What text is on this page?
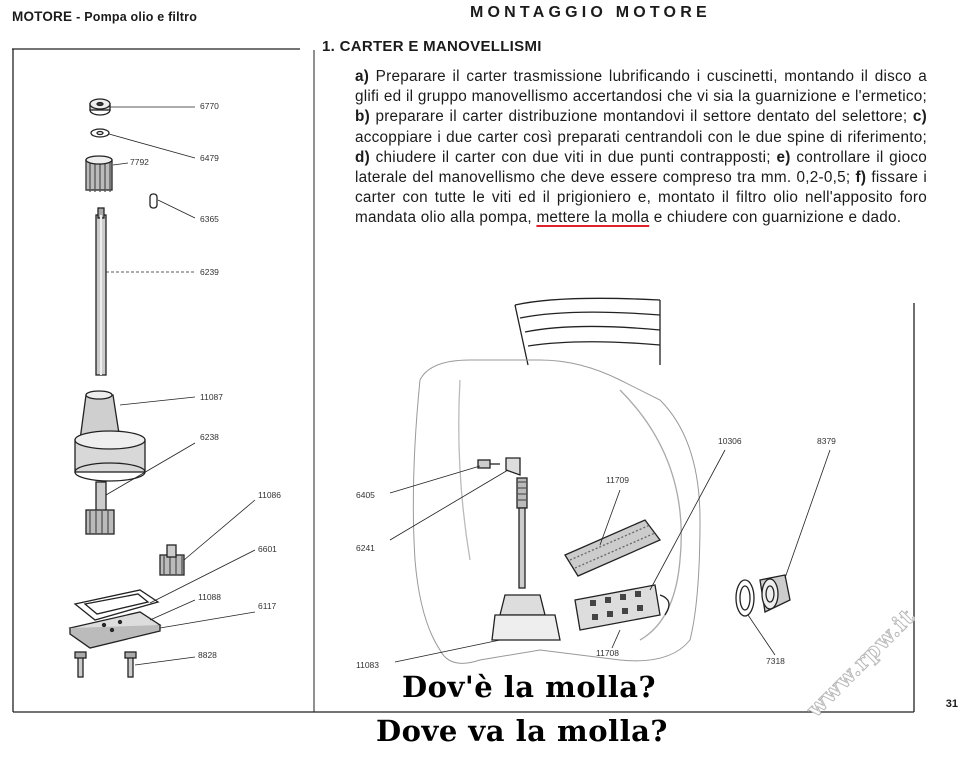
MOTORE - Pompa olio e filtro	MONTAGGIO MOTORE
1. CARTER E MANOVELLISMI
a) Preparare il carter trasmissione lubrificando i cuscinetti, montando il disco a glifi ed il gruppo manovellismo accertandosi che vi sia la guarnizione e l'ermetico; b) preparare il carter distribuzione montandovi il settore dentato del selettore; c) accoppiare i due carter così preparati centrandoli con le due spine di riferimento; d) chiudere il carter con due viti in due punti contrapposti; e) controllare il gioco laterale del manovellismo che deve essere compreso tra mm. 0,2-0,5; f) fissare i carter con tutte le viti ed il prigioniero e, montato il filtro olio nell'apposito foro mandata olio alla pompa, mettere la molla e chiudere con guarnizione e dado.
6770
6479
7792
6365
6239
11087
6238
11086
6601
11088
6117
8828
6405
6241
10306	8379
11709
11708
7318
11083
31
Dov'è la molla?
Dove va la molla?
www.rpw.it
